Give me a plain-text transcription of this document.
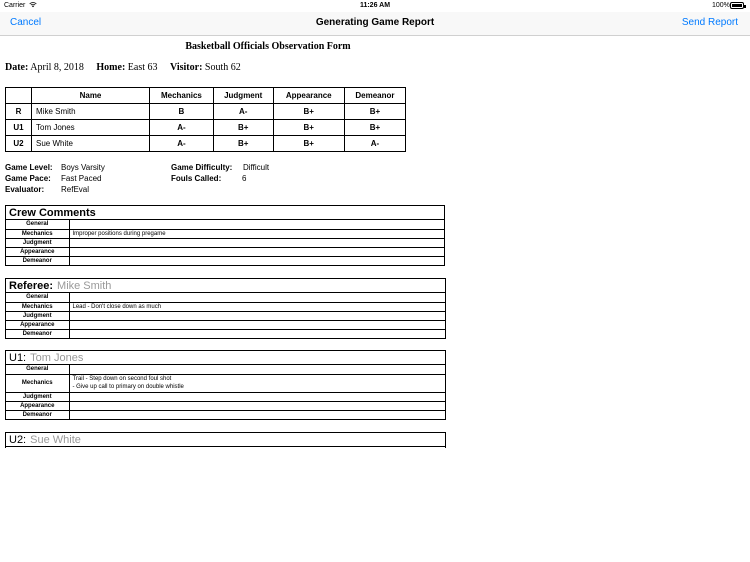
Carrier	11:26 AM	100%
Cancel	Generating Game Report	Send Report
Basketball Officials Observation Form
Date: April 8, 2018 Home: East 63 Visitor: South 62
	Name	Mechanics	Judgment	Appearance	Demeanor
R	Mike Smith	B	A-	B+	B+
U1	Tom Jones	A-	B+	B+	B+
U2	Sue White	A-	B+	B+	A-
Game Level: Boys Varsity
Game Pace: Fast Paced
Evaluator: RefEval
Game Difficulty: Difficult
Fouls Called:	6
Crew Comments
General	
Mechanics	Improper positions during pregame
Judgment	
Appearance	
Demeanor	
Referee: Mike Smith
General	
Mechanics	Lead - Don't close down as much
Judgment	
Appearance	
Demeanor	
U1: Tom Jones
General	
Mechanics	Trail - Step down on second foul shot
- Give up call to primary on double whistle

Judgment	
Appearance	
Demeanor	
U2: Sue White
